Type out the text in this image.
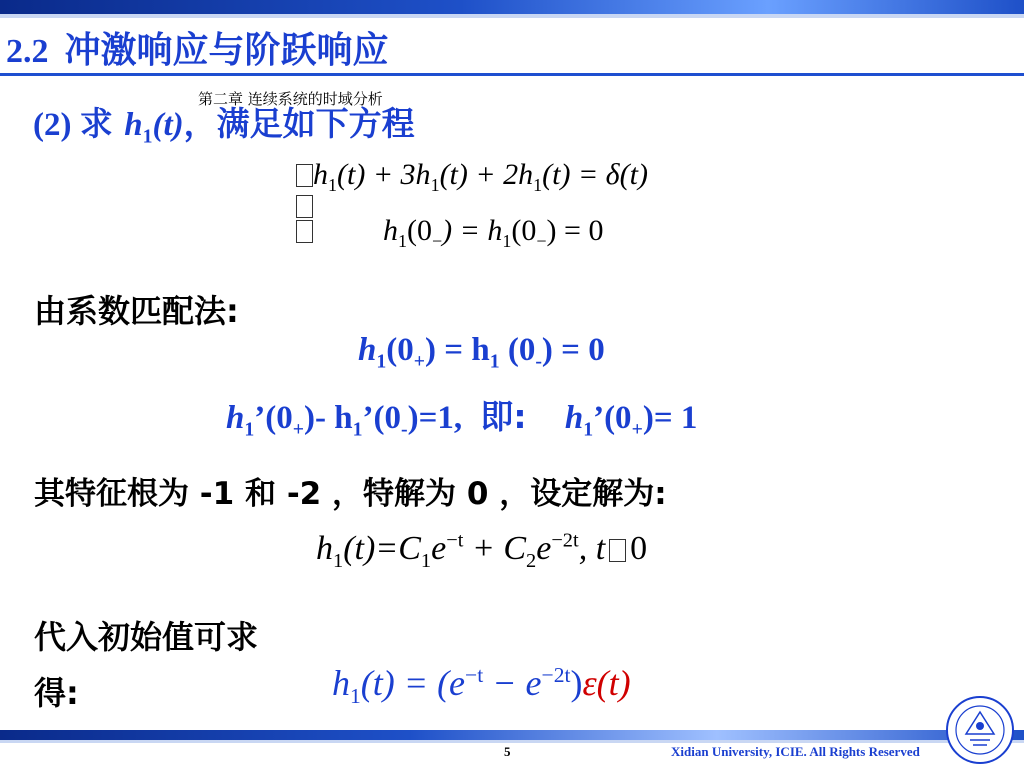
2.2 冲激响应与阶跃响应
第二章 连续系统的时域分析
(2) 求 $h_1(t)$，满足如下方程
$h_1(t) + 3h_1(t) + 2h_1(t) = \delta(t)$
$h_1(0_-) = h_1(0_-) = 0$
由系数匹配法:
$h_1(0_+) = h_1$ $(0_-) = 0$
$h_1’(0_+)-$ $h_1’(0_-)=1$, 即: $h_1’(0_+)= 1$
其特征根为 -1 和 -2 ，特解为 0 ，设定解为:
$h_1(t)=C_1e^{-t} + C_2e^{-2t}$, t 0
代入初始值可求
得:	$h_1(t) = (e^{-t} - e^{-2t})\varepsilon(t)$
5	Xidian University, ICIE. All Rights Reserved
